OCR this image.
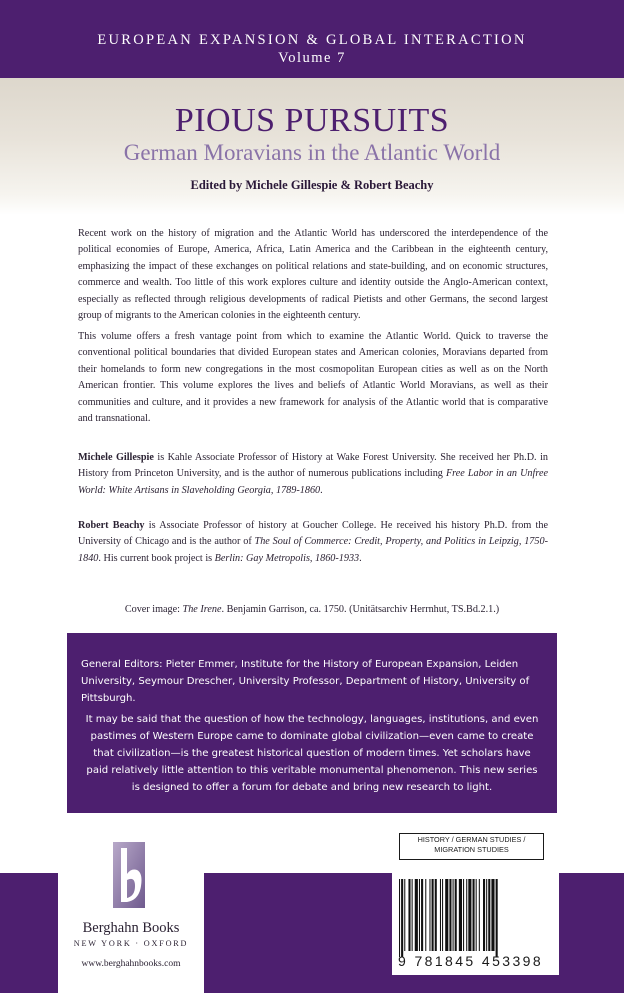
EUROPEAN EXPANSION & GLOBAL INTERACTION
Volume 7
PIOUS PURSUITS
German Moravians in the Atlantic World
Edited by Michele Gillespie & Robert Beachy
Recent work on the history of migration and the Atlantic World has underscored the interdependence of the political economies of Europe, America, Africa, Latin America and the Caribbean in the eighteenth century, emphasizing the impact of these exchanges on political relations and state-building, and on economic structures, commerce and wealth. Too little of this work explores culture and identity outside the Anglo-American context, especially as reflected through religious developments of radical Pietists and other Germans, the second largest group of migrants to the American colonies in the eighteenth century.
This volume offers a fresh vantage point from which to examine the Atlantic World. Quick to traverse the conventional political boundaries that divided European states and American colonies, Moravians departed from their homelands to form new congregations in the most cosmopolitan European cities as well as on the North American frontier. This volume explores the lives and beliefs of Atlantic World Moravians, as well as their communities and culture, and it provides a new framework for analysis of the Atlantic world that is comparative and transnational.
Michele Gillespie is Kahle Associate Professor of History at Wake Forest University. She received her Ph.D. in History from Princeton University, and is the author of numerous publications including Free Labor in an Unfree World: White Artisans in Slaveholding Georgia, 1789-1860.
Robert Beachy is Associate Professor of history at Goucher College. He received his history Ph.D. from the University of Chicago and is the author of The Soul of Commerce: Credit, Property, and Politics in Leipzig, 1750-1840. His current book project is Berlin: Gay Metropolis, 1860-1933.
Cover image: The Irene. Benjamin Garrison, ca. 1750. (Unitätsarchiv Herrnhut, TS.Bd.2.1.)
General Editors: Pieter Emmer, Institute for the History of European Expansion, Leiden University, Seymour Drescher, University Professor, Department of History, University of Pittsburgh.
It may be said that the question of how the technology, languages, institutions, and even pastimes of Western Europe came to dominate global civilization—even came to create that civilization—is the greatest historical question of modern times. Yet scholars have paid relatively little attention to this veritable monumental phenomenon. This new series is designed to offer a forum for debate and bring new research to light.
Berghahn Books
NEW YORK · OXFORD
www.berghahnbooks.com
HISTORY / GERMAN STUDIES / MIGRATION STUDIES
9 781845 453398
